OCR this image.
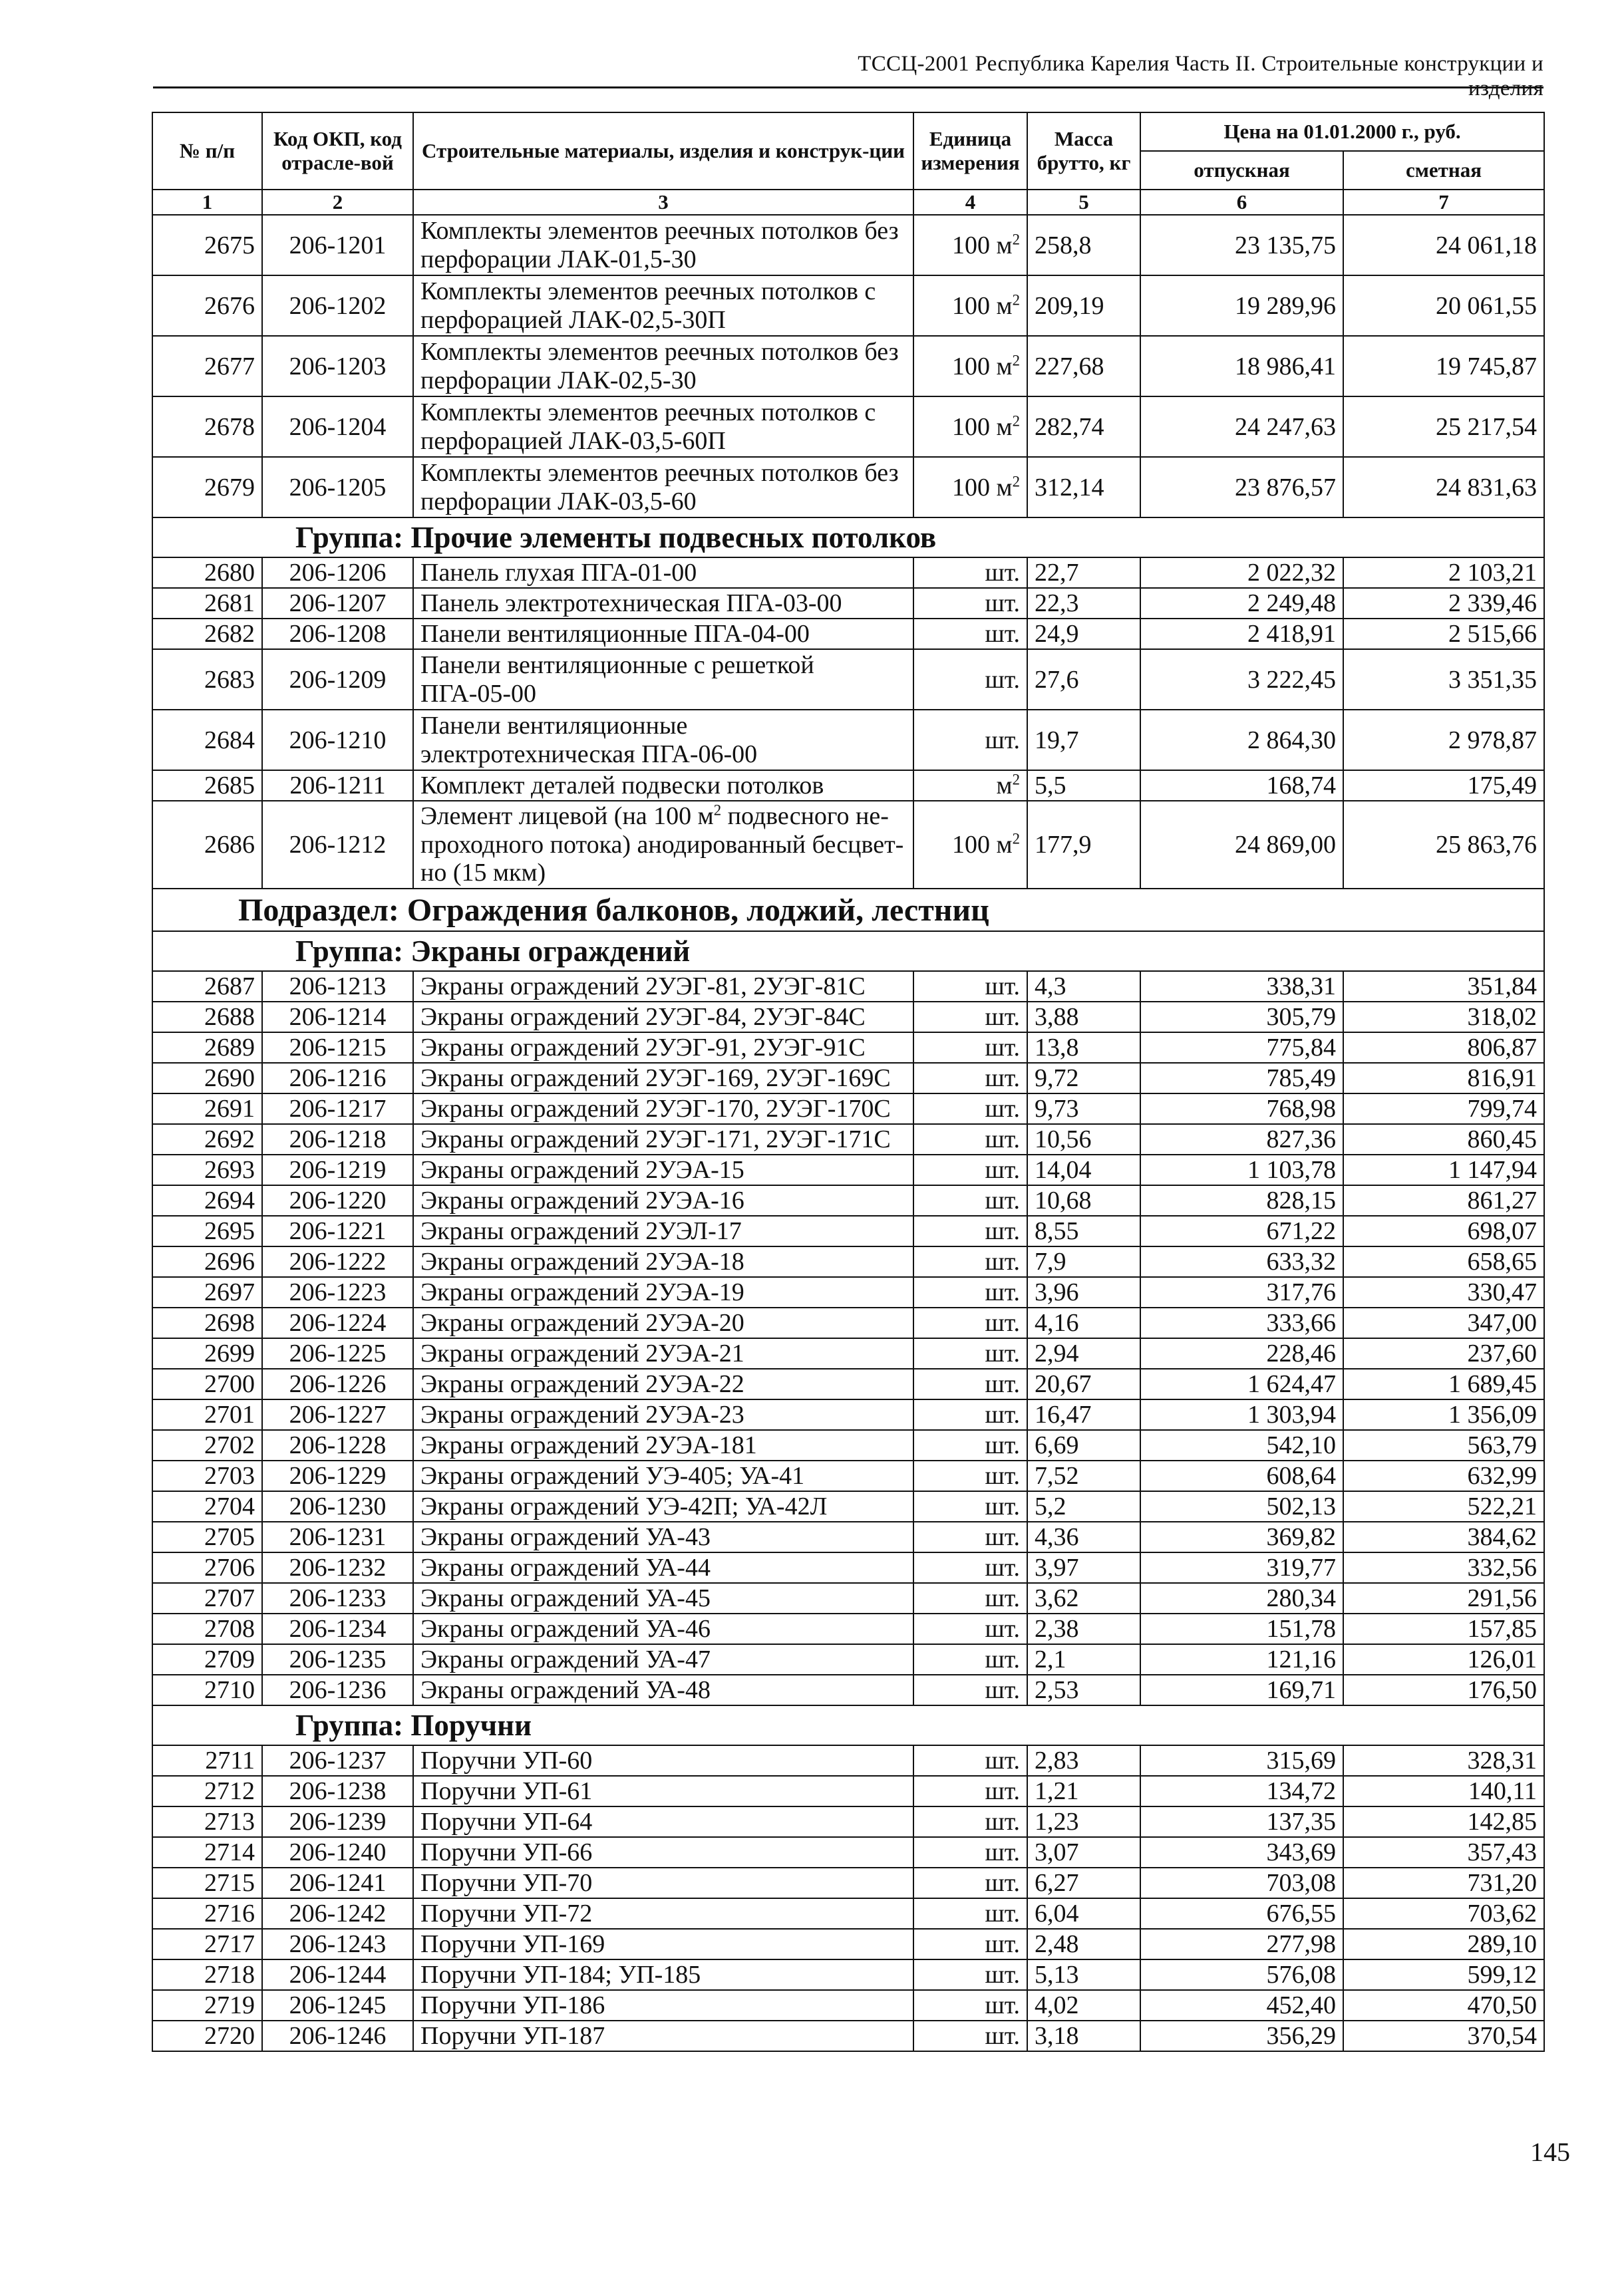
ТССЦ-2001 Республика Карелия Часть II. Строительные конструкции и изделия
№ п/п	Код ОКП, код отрасле-вой	Строительные материалы, изделия и конструк-ции	Единица измерения	Масса брутто, кг	Цена на 01.01.2000 г., руб.	
					отпускная	сметная
1	2	3	4	5	6	7
2675	206-1201	Комплекты элементов реечных потолков без перфорации ЛАК-01,5-30	100 $м^2$	258,8	23 135,75	24 061,18
2676	206-1202	Комплекты элементов реечных потолков с перфорацией ЛАК-02,5-30П	100 $м^2$	209,19	19 289,96	20 061,55
2677	206-1203	Комплекты элементов реечных потолков без перфорации ЛАК-02,5-30	100 $м^2$	227,68	18 986,41	19 745,87
2678	206-1204	Комплекты элементов реечных потолков с перфорацией ЛАК-03,5-60П	100 $м^2$	282,74	24 247,63	25 217,54
2679	206-1205	Комплекты элементов реечных потолков без перфорации ЛАК-03,5-60	100 $м^2$	312,14	23 876,57	24 831,63
Группа: Прочие элементы подвесных потолков						
2680	206-1206	Панель глухая ПГА-01-00	шт.	22,7	2 022,32	2 103,21
2681	206-1207	Панель электротехническая ПГА-03-00	шт.	22,3	2 249,48	2 339,46
2682	206-1208	Панели вентиляционные ПГА-04-00	шт.	24,9	2 418,91	2 515,66
2683	206-1209	Панели вентиляционные с решеткой ПГА-05-00	шт.	27,6	3 222,45	3 351,35
2684	206-1210	Панели вентиляционные электротехническая ПГА-06-00	шт.	19,7	2 864,30	2 978,87
2685	206-1211	Комплект деталей подвески потолков	$м^2$	5,5	168,74	175,49
2686	206-1212	Элемент лицевой (на 100 $м^2$ подвесного не-проходного потока) анодированный бесцвет-но (15 мкм)	100 $м^2$	177,9	24 869,00	25 863,76
Подраздел: Ограждения балконов, лоджий, лестниц						
Группа: Экраны ограждений						
2687	206-1213	Экраны ограждений 2УЭГ-81, 2УЭГ-81С	шт.	4,3	338,31	351,84
2688	206-1214	Экраны ограждений 2УЭГ-84, 2УЭГ-84С	шт.	3,88	305,79	318,02
2689	206-1215	Экраны ограждений 2УЭГ-91, 2УЭГ-91С	шт.	13,8	775,84	806,87
2690	206-1216	Экраны ограждений 2УЭГ-169, 2УЭГ-169С	шт.	9,72	785,49	816,91
2691	206-1217	Экраны ограждений 2УЭГ-170, 2УЭГ-170С	шт.	9,73	768,98	799,74
2692	206-1218	Экраны ограждений 2УЭГ-171, 2УЭГ-171С	шт.	10,56	827,36	860,45
2693	206-1219	Экраны ограждений 2УЭА-15	шт.	14,04	1 103,78	1 147,94
2694	206-1220	Экраны ограждений 2УЭА-16	шт.	10,68	828,15	861,27
2695	206-1221	Экраны ограждений 2УЭЛ-17	шт.	8,55	671,22	698,07
2696	206-1222	Экраны ограждений 2УЭА-18	шт.	7,9	633,32	658,65
2697	206-1223	Экраны ограждений 2УЭА-19	шт.	3,96	317,76	330,47
2698	206-1224	Экраны ограждений 2УЭА-20	шт.	4,16	333,66	347,00
2699	206-1225	Экраны ограждений 2УЭА-21	шт.	2,94	228,46	237,60
2700	206-1226	Экраны ограждений 2УЭА-22	шт.	20,67	1 624,47	1 689,45
2701	206-1227	Экраны ограждений 2УЭА-23	шт.	16,47	1 303,94	1 356,09
2702	206-1228	Экраны ограждений 2УЭА-181	шт.	6,69	542,10	563,79
2703	206-1229	Экраны ограждений УЭ-405; УА-41	шт.	7,52	608,64	632,99
2704	206-1230	Экраны ограждений УЭ-42П; УА-42Л	шт.	5,2	502,13	522,21
2705	206-1231	Экраны ограждений УА-43	шт.	4,36	369,82	384,62
2706	206-1232	Экраны ограждений УА-44	шт.	3,97	319,77	332,56
2707	206-1233	Экраны ограждений УА-45	шт.	3,62	280,34	291,56
2708	206-1234	Экраны ограждений УА-46	шт.	2,38	151,78	157,85
2709	206-1235	Экраны ограждений УА-47	шт.	2,1	121,16	126,01
2710	206-1236	Экраны ограждений УА-48	шт.	2,53	169,71	176,50
Группа: Поручни						
2711	206-1237	Поручни УП-60	шт.	2,83	315,69	328,31
2712	206-1238	Поручни УП-61	шт.	1,21	134,72	140,11
2713	206-1239	Поручни УП-64	шт.	1,23	137,35	142,85
2714	206-1240	Поручни УП-66	шт.	3,07	343,69	357,43
2715	206-1241	Поручни УП-70	шт.	6,27	703,08	731,20
2716	206-1242	Поручни УП-72	шт.	6,04	676,55	703,62
2717	206-1243	Поручни УП-169	шт.	2,48	277,98	289,10
2718	206-1244	Поручни УП-184; УП-185	шт.	5,13	576,08	599,12
2719	206-1245	Поручни УП-186	шт.	4,02	452,40	470,50
2720	206-1246	Поручни УП-187	шт.	3,18	356,29	370,54
145
